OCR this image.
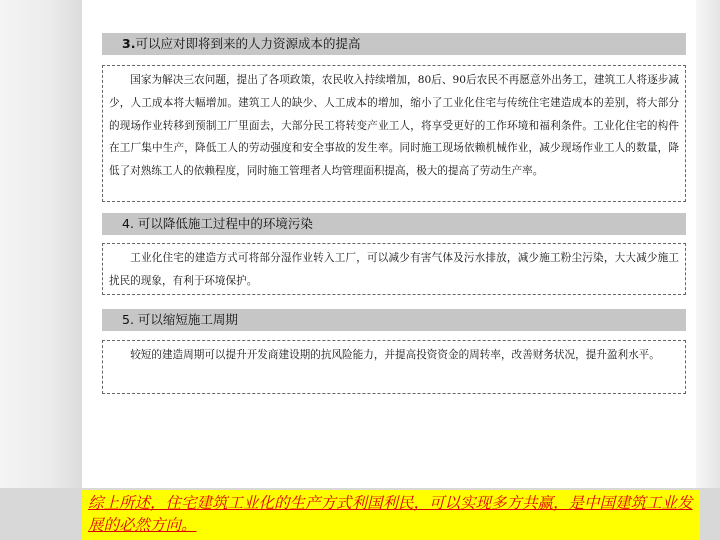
3.可以应对即将到来的人力资源成本的提高
国家为解决三农问题，提出了各项政策，农民收入持续增加，80后、90后农民不再愿意外出务工，建筑工人将逐步减少，人工成本将大幅增加。建筑工人的缺少、人工成本的增加，缩小了工业化住宅与传统住宅建造成本的差别，将大部分的现场作业转移到预制工厂里面去，大部分民工将转变产业工人，将享受更好的工作环境和福利条件。工业化住宅的构件在工厂集中生产，降低工人的劳动强度和安全事故的发生率。同时施工现场依赖机械作业，减少现场作业工人的数量，降低了对熟练工人的依赖程度，同时施工管理者人均管理面积提高，极大的提高了劳动生产率。
4. 可以降低施工过程中的环境污染
工业化住宅的建造方式可将部分湿作业转入工厂，可以减少有害气体及污水排放，减少施工粉尘污染，大大减少施工扰民的现象，有利于环境保护。
5. 可以缩短施工周期
较短的建造周期可以提升开发商建设期的抗风险能力，并提高投资资金的周转率，改善财务状况，提升盈利水平。
综上所述，住宅建筑工业化的生产方式利国利民，可以实现多方共赢，是中国建筑工业发展的必然方向。
